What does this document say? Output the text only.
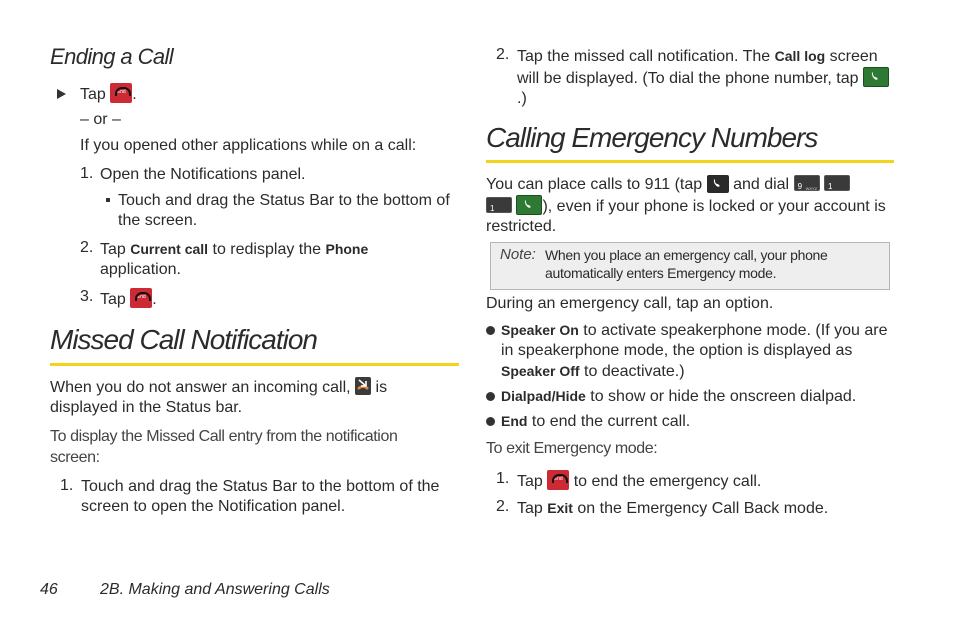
Ending a Call
Tap	End .
– or –
If you opened other applications while on a call:
1. Open the Notifications panel.
Touch and drag the Status Bar to the bottom of the screen.
2. Tap Current call to redisplay the Phone application.
3. Tap	End .
Missed Call Notification
When you do not answer an incoming call, is
displayed in the Status bar.
To display the Missed Call entry from the notification screen:
1. Touch and drag the Status Bar to the bottom of the screen to open the Notification panel.
2. Tap the missed call notification. The Call log screen will be displayed. (To dial the phone number, tap
.)
Calling Emergency Numbers
You can place calls to 911 (tap and dial 9 WXYZ
1

1
	), even if your phone is locked or your account is restricted.
Note: When you place an emergency call, your phone automatically enters Emergency mode.
During an emergency call, tap an option.
Speaker On to activate speakerphone mode. (If you are in speakerphone mode, the option is displayed as Speaker Off to deactivate.)
Dialpad/Hide to show or hide the onscreen dialpad.
End to end the current call.
To exit Emergency mode:
1. Tap	End to end the emergency call.
2. Tap Exit on the Emergency Call Back mode.
46	2B. Making and Answering Calls
